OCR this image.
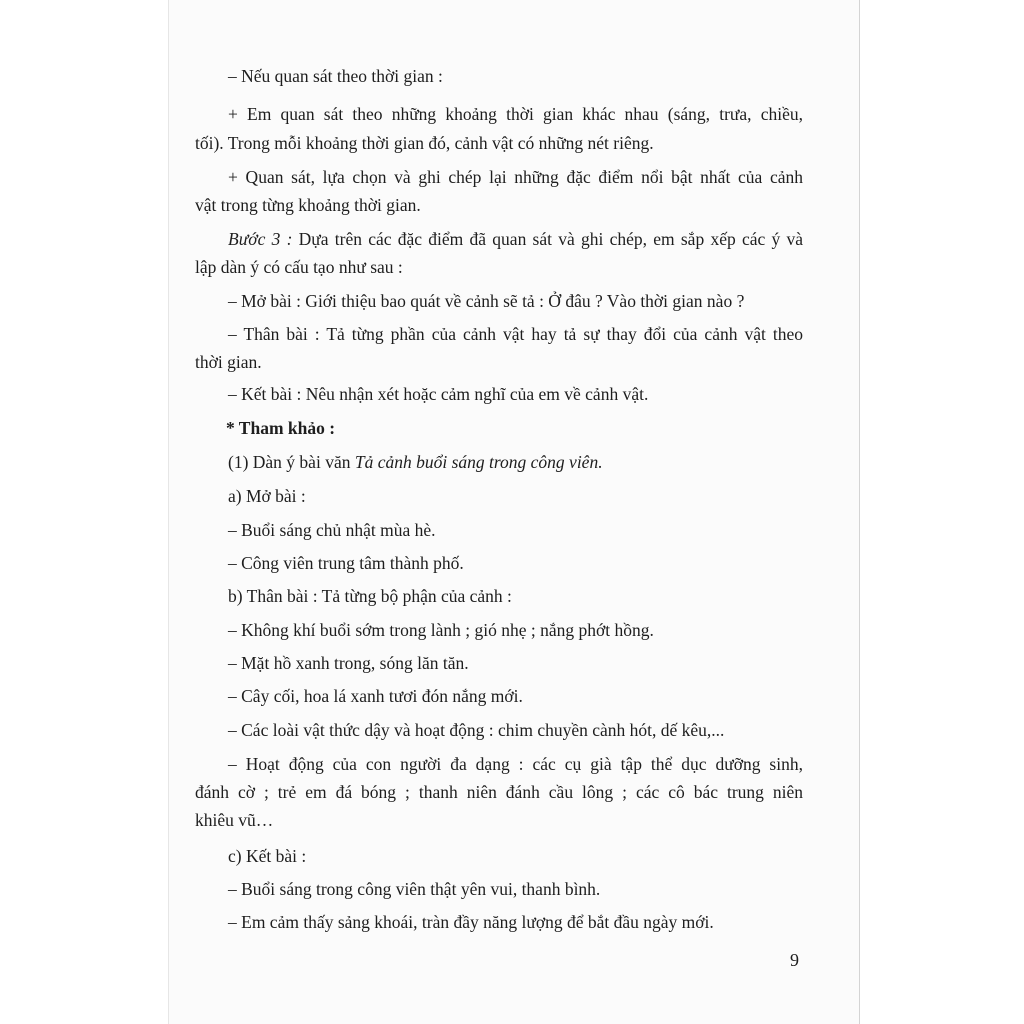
– Nếu quan sát theo thời gian :
+ Em quan sát theo những khoảng thời gian khác nhau (sáng, trưa, chiều,
tối). Trong mỗi khoảng thời gian đó, cảnh vật có những nét riêng.
+ Quan sát, lựa chọn và ghi chép lại những đặc điểm nổi bật nhất của cảnh
vật trong từng khoảng thời gian.
Bước 3 : Dựa trên các đặc điểm đã quan sát và ghi chép, em sắp xếp các ý và
lập dàn ý có cấu tạo như sau :
– Mở bài : Giới thiệu bao quát về cảnh sẽ tả : Ở đâu ? Vào thời gian nào ?
– Thân bài : Tả từng phần của cảnh vật hay tả sự thay đổi của cảnh vật theo
thời gian.
– Kết bài : Nêu nhận xét hoặc cảm nghĩ của em về cảnh vật.
* Tham khảo :
(1) Dàn ý bài văn Tả cảnh buổi sáng trong công viên.
a) Mở bài :
– Buổi sáng chủ nhật mùa hè.
– Công viên trung tâm thành phố.
b) Thân bài : Tả từng bộ phận của cảnh :
– Không khí buổi sớm trong lành ; gió nhẹ ; nắng phớt hồng.
– Mặt hồ xanh trong, sóng lăn tăn.
– Cây cối, hoa lá xanh tươi đón nắng mới.
– Các loài vật thức dậy và hoạt động : chim chuyền cành hót, dế kêu,...
– Hoạt động của con người đa dạng : các cụ già tập thể dục dưỡng sinh,
đánh cờ ; trẻ em đá bóng ; thanh niên đánh cầu lông ; các cô bác trung niên
khiêu vũ…
c) Kết bài :
– Buổi sáng trong công viên thật yên vui, thanh bình.
– Em cảm thấy sảng khoái, tràn đầy năng lượng để bắt đầu ngày mới.
9
